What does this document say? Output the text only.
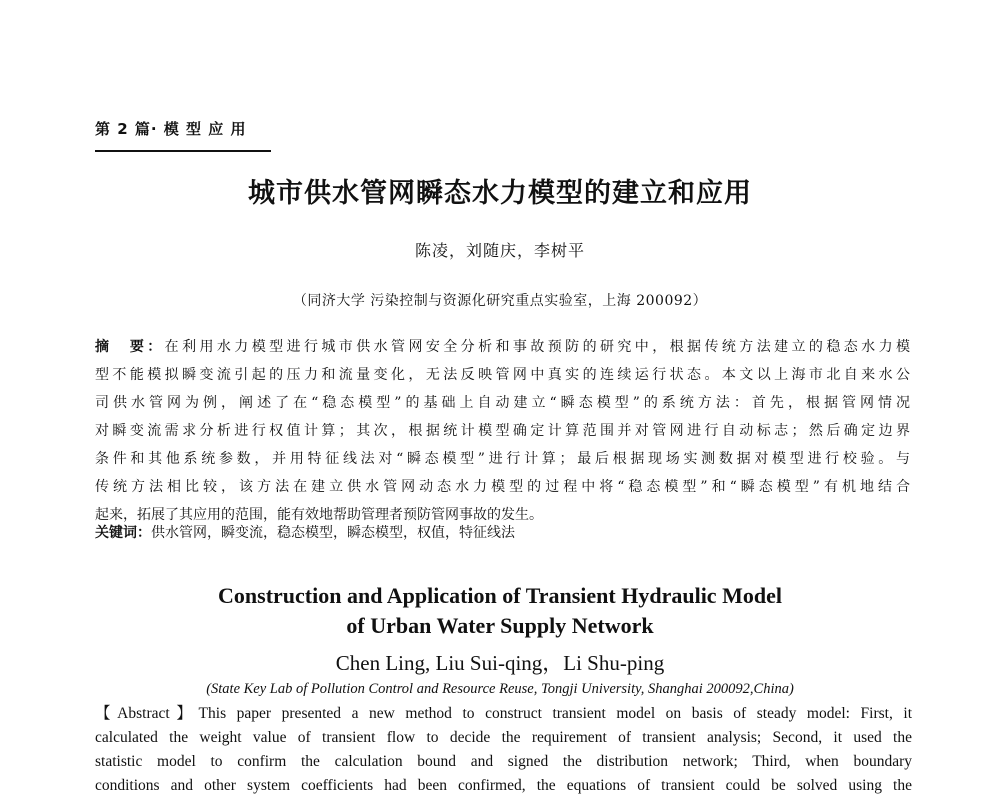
第 2 篇· 模 型 应 用
城市供水管网瞬态水力模型的建立和应用
陈凌，刘随庆，李树平
（同济大学 污染控制与资源化研究重点实验室，上海 200092）
摘　要：在利用水力模型进行城市供水管网安全分析和事故预防的研究中，根据传统方法建立的稳态水力模
型不能模拟瞬变流引起的压力和流量变化，无法反映管网中真实的连续运行状态。本文以上海市北自来水公
司供水管网为例，阐述了在“稳态模型”的基础上自动建立“瞬态模型”的系统方法：首先，根据管网情况
对瞬变流需求分析进行权值计算；其次，根据统计模型确定计算范围并对管网进行自动标志；然后确定边界
条件和其他系统参数，并用特征线法对“瞬态模型”进行计算；最后根据现场实测数据对模型进行校验。与
传统方法相比较，该方法在建立供水管网动态水力模型的过程中将“稳态模型”和“瞬态模型”有机地结合
起来，拓展了其应用的范围，能有效地帮助管理者预防管网事故的发生。
关键词：供水管网，瞬变流，稳态模型，瞬态模型，权值，特征线法
Construction and Application of Transient Hydraulic Model
of Urban Water Supply Network
Chen Ling, Liu Sui-qing，Li Shu-ping
(State Key Lab of Pollution Control and Resource Reuse, Tongji University, Shanghai 200092,China)
【Abstract】This paper presented a new method to construct transient model on basis of steady model: First, it
calculated the weight value of transient flow to decide the requirement of transient analysis; Second, it used the
statistic model to confirm the calculation bound and signed the distribution network; Third, when boundary
conditions and other system coefficients had been confirmed, the equations of transient could be solved using the
